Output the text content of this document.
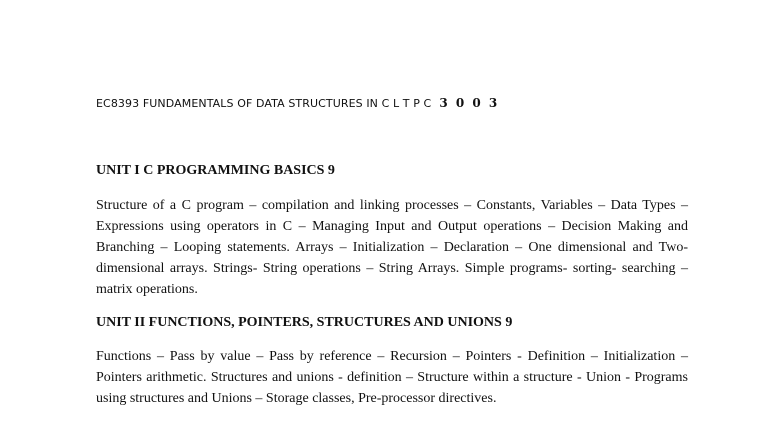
EC8393 FUNDAMENTALS OF DATA STRUCTURES IN C L T P C 3 0 0 3
UNIT I C PROGRAMMING BASICS 9
Structure of a C program – compilation and linking processes – Constants, Variables – Data Types – Expressions using operators in C – Managing Input and Output operations – Decision Making and Branching – Looping statements. Arrays – Initialization – Declaration – One dimensional and Two-dimensional arrays. Strings- String operations – String Arrays. Simple programs- sorting- searching – matrix operations.
UNIT II FUNCTIONS, POINTERS, STRUCTURES AND UNIONS 9
Functions – Pass by value – Pass by reference – Recursion – Pointers - Definition – Initialization – Pointers arithmetic. Structures and unions - definition – Structure within a structure - Union - Programs using structures and Unions – Storage classes, Pre-processor directives.
